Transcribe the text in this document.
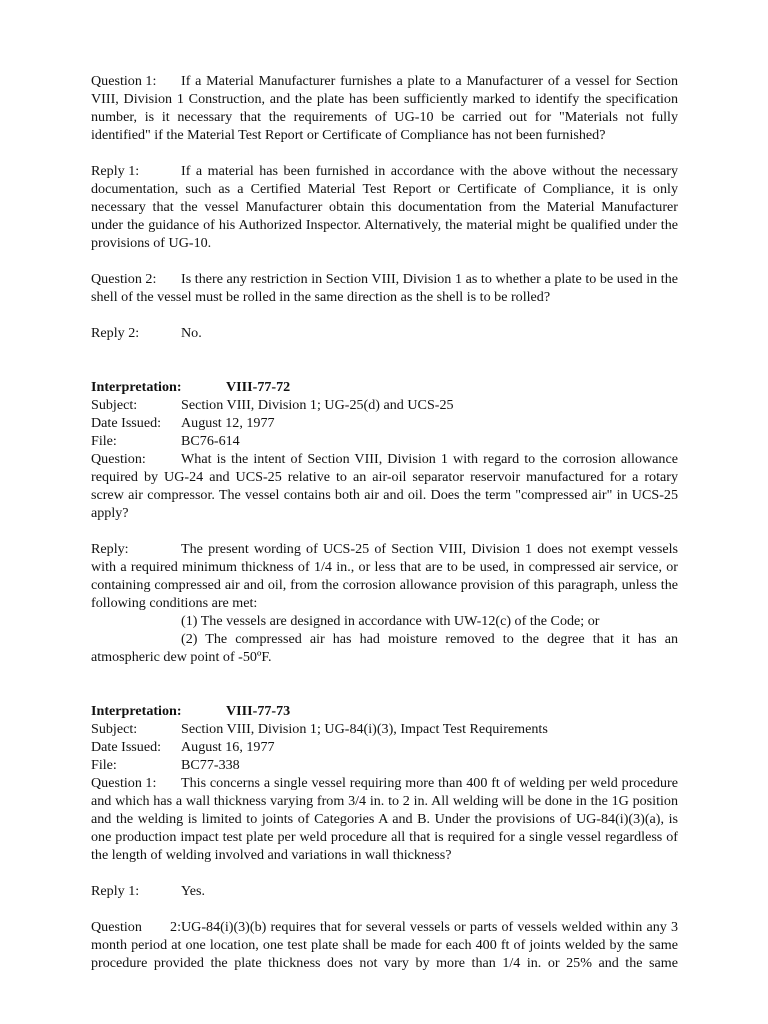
Question 1: If a Material Manufacturer furnishes a plate to a Manufacturer of a vessel for Section VIII, Division 1 Construction, and the plate has been sufficiently marked to identify the specification number, is it necessary that the requirements of UG-10 be carried out for "Materials not fully identified" if the Material Test Report or Certificate of Compliance has not been furnished?

Reply 1:	If a material has been furnished in accordance with the above without the necessary documentation, such as a Certified Material Test Report or Certificate of Compliance, it is only necessary that the vessel Manufacturer obtain this documentation from the Material Manufacturer under the guidance of his Authorized Inspector. Alternatively, the material might be qualified under the provisions of UG-10.

Question 2: Is there any restriction in Section VIII, Division 1 as to whether a plate to be used in the shell of the vessel must be rolled in the same direction as the shell is to be rolled?

Reply 2:	No.

Interpretation:	VIII-77-72
Subject:	Section VIII, Division 1; UG-25(d) and UCS-25
Date Issued:	August 12, 1977
File:	BC76-614

Question: What is the intent of Section VIII, Division 1 with regard to the corrosion allowance required by UG-24 and UCS-25 relative to an air-oil separator reservoir manufactured for a rotary screw air compressor. The vessel contains both air and oil. Does the term "compressed air" in UCS-25 apply?

Reply:	The present wording of UCS-25 of Section VIII, Division 1 does not exempt vessels with a required minimum thickness of 1/4 in., or less that are to be used, in compressed air service, or containing compressed air and oil, from the corrosion allowance provision of this paragraph, unless the following conditions are met:

(1) The vessels are designed in accordance with UW-12(c) of the Code; or

(2) The compressed air has had moisture removed to the degree that it has an atmospheric dew point of -50ºF.

Interpretation:	VIII-77-73
Subject:	Section VIII, Division 1; UG-84(i)(3), Impact Test Requirements
Date Issued:	August 16, 1977
File:	BC77-338

Question 1: This concerns a single vessel requiring more than 400 ft of welding per weld procedure and which has a wall thickness varying from 3/4 in. to 2 in. All welding will be done in the 1G position and the welding is limited to joints of Categories A and B. Under the provisions of UG-84(i)(3)(a), is one production impact test plate per weld procedure all that is required for a single vessel regardless of the length of welding involved and variations in wall thickness?

Reply 1:	Yes.

Question 2:UG-84(i)(3)(b) requires that for several vessels or parts of vessels welded within any 3 month period at one location, one test plate shall be made for each 400 ft of joints welded by the same procedure provided the plate thickness does not vary by more than 1/4 in. or 25% and the same
